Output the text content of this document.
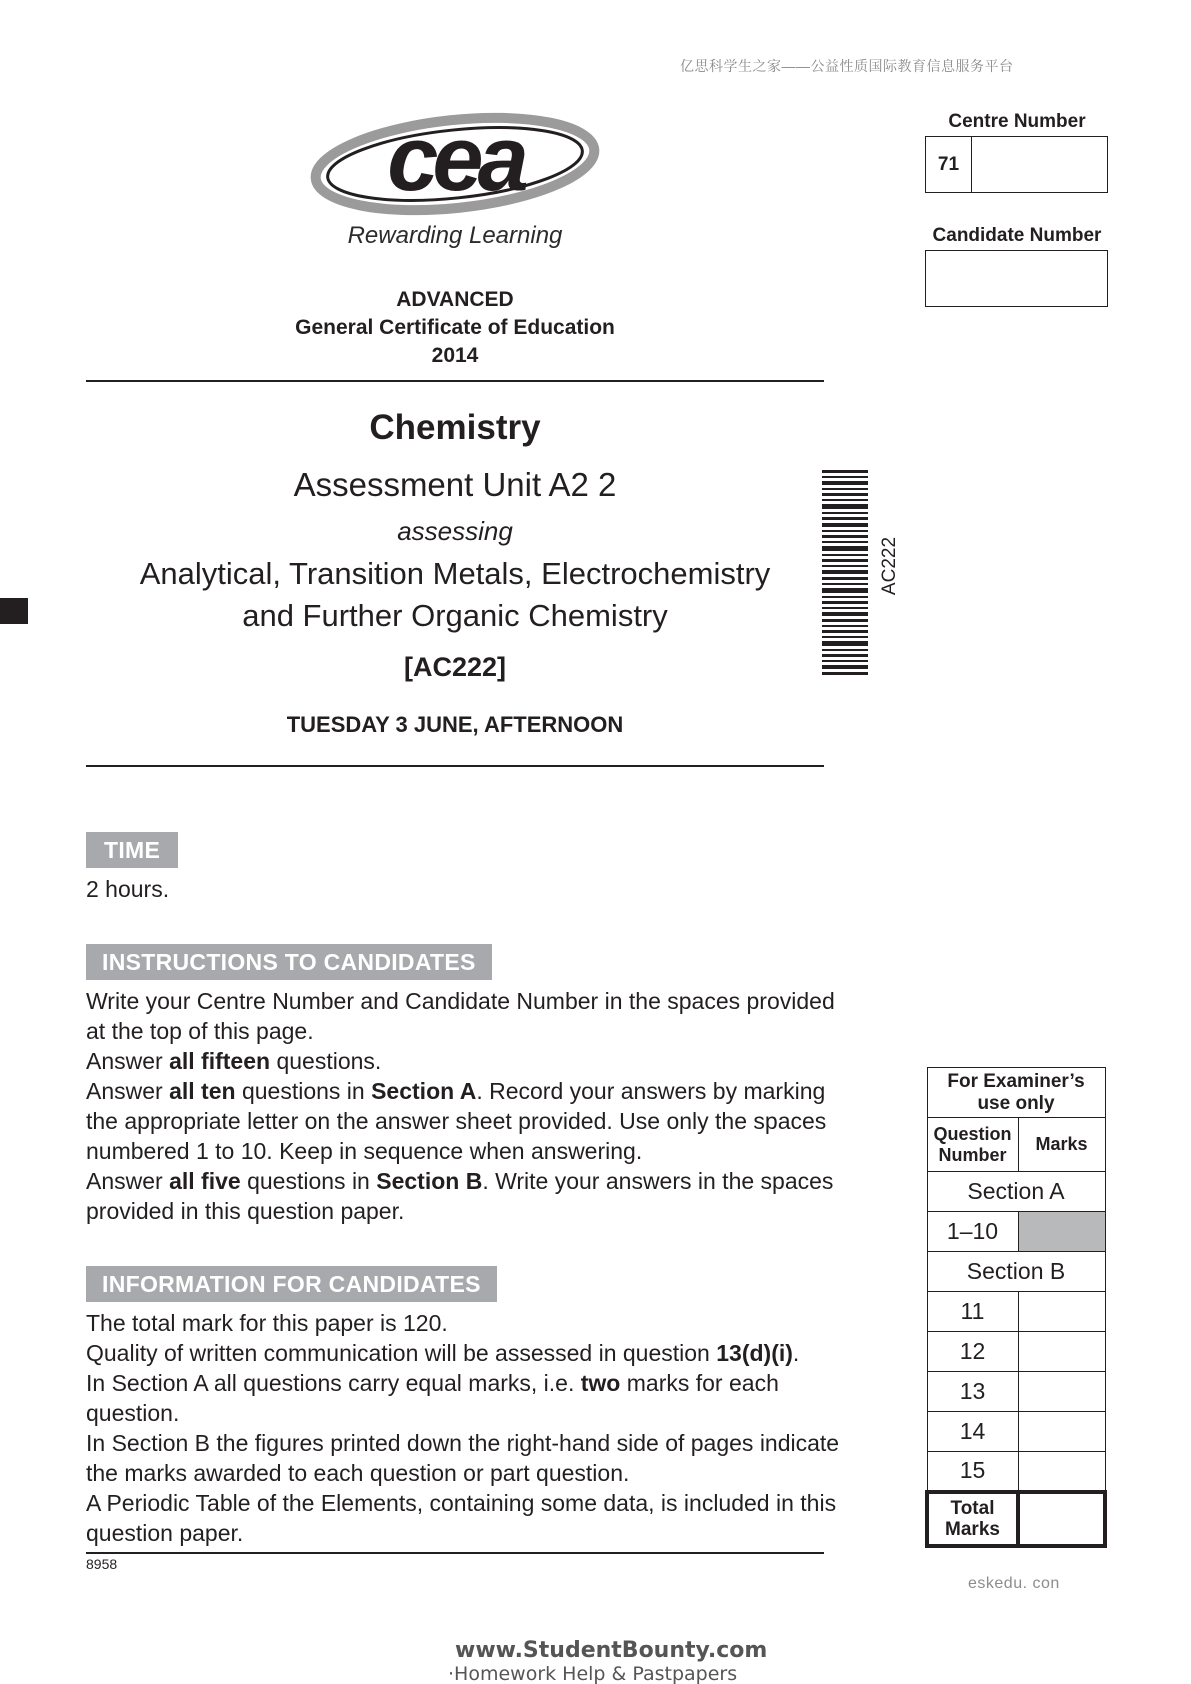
亿思科学生之家——公益性质国际教育信息服务平台
cea
Rewarding Learning
ADVANCED
General Certificate of Education
2014
Chemistry
Assessment Unit A2 2
assessing
Analytical, Transition Metals, Electrochemistry
and Further Organic Chemistry
[AC222]
TUESDAY 3 JUNE, AFTERNOON
AC222
Centre Number
71
Candidate Number
TIME
2 hours.
INSTRUCTIONS TO CANDIDATES
Write your Centre Number and Candidate Number in the spaces provided
at the top of this page.
Answer all fifteen questions.
Answer all ten questions in Section A. Record your answers by marking
the appropriate letter on the answer sheet provided. Use only the spaces
numbered 1 to 10. Keep in sequence when answering.
Answer all five questions in Section B. Write your answers in the spaces
provided in this question paper.
INFORMATION FOR CANDIDATES
The total mark for this paper is 120.
Quality of written communication will be assessed in question 13(d)(i).
In Section A all questions carry equal marks, i.e. two marks for each
question.
In Section B the figures printed down the right-hand side of pages indicate
the marks awarded to each question or part question.
A Periodic Table of the Elements, containing some data, is included in this
question paper.
8958
For Examiner’s
use only	

Question
Number	Marks
Section A	
1–10	
Section B	
11	
12	
13	
14	
15	

Total
Marks	

eskedu. con
www.StudentBounty.com
·Homework Help & Pastpapers
